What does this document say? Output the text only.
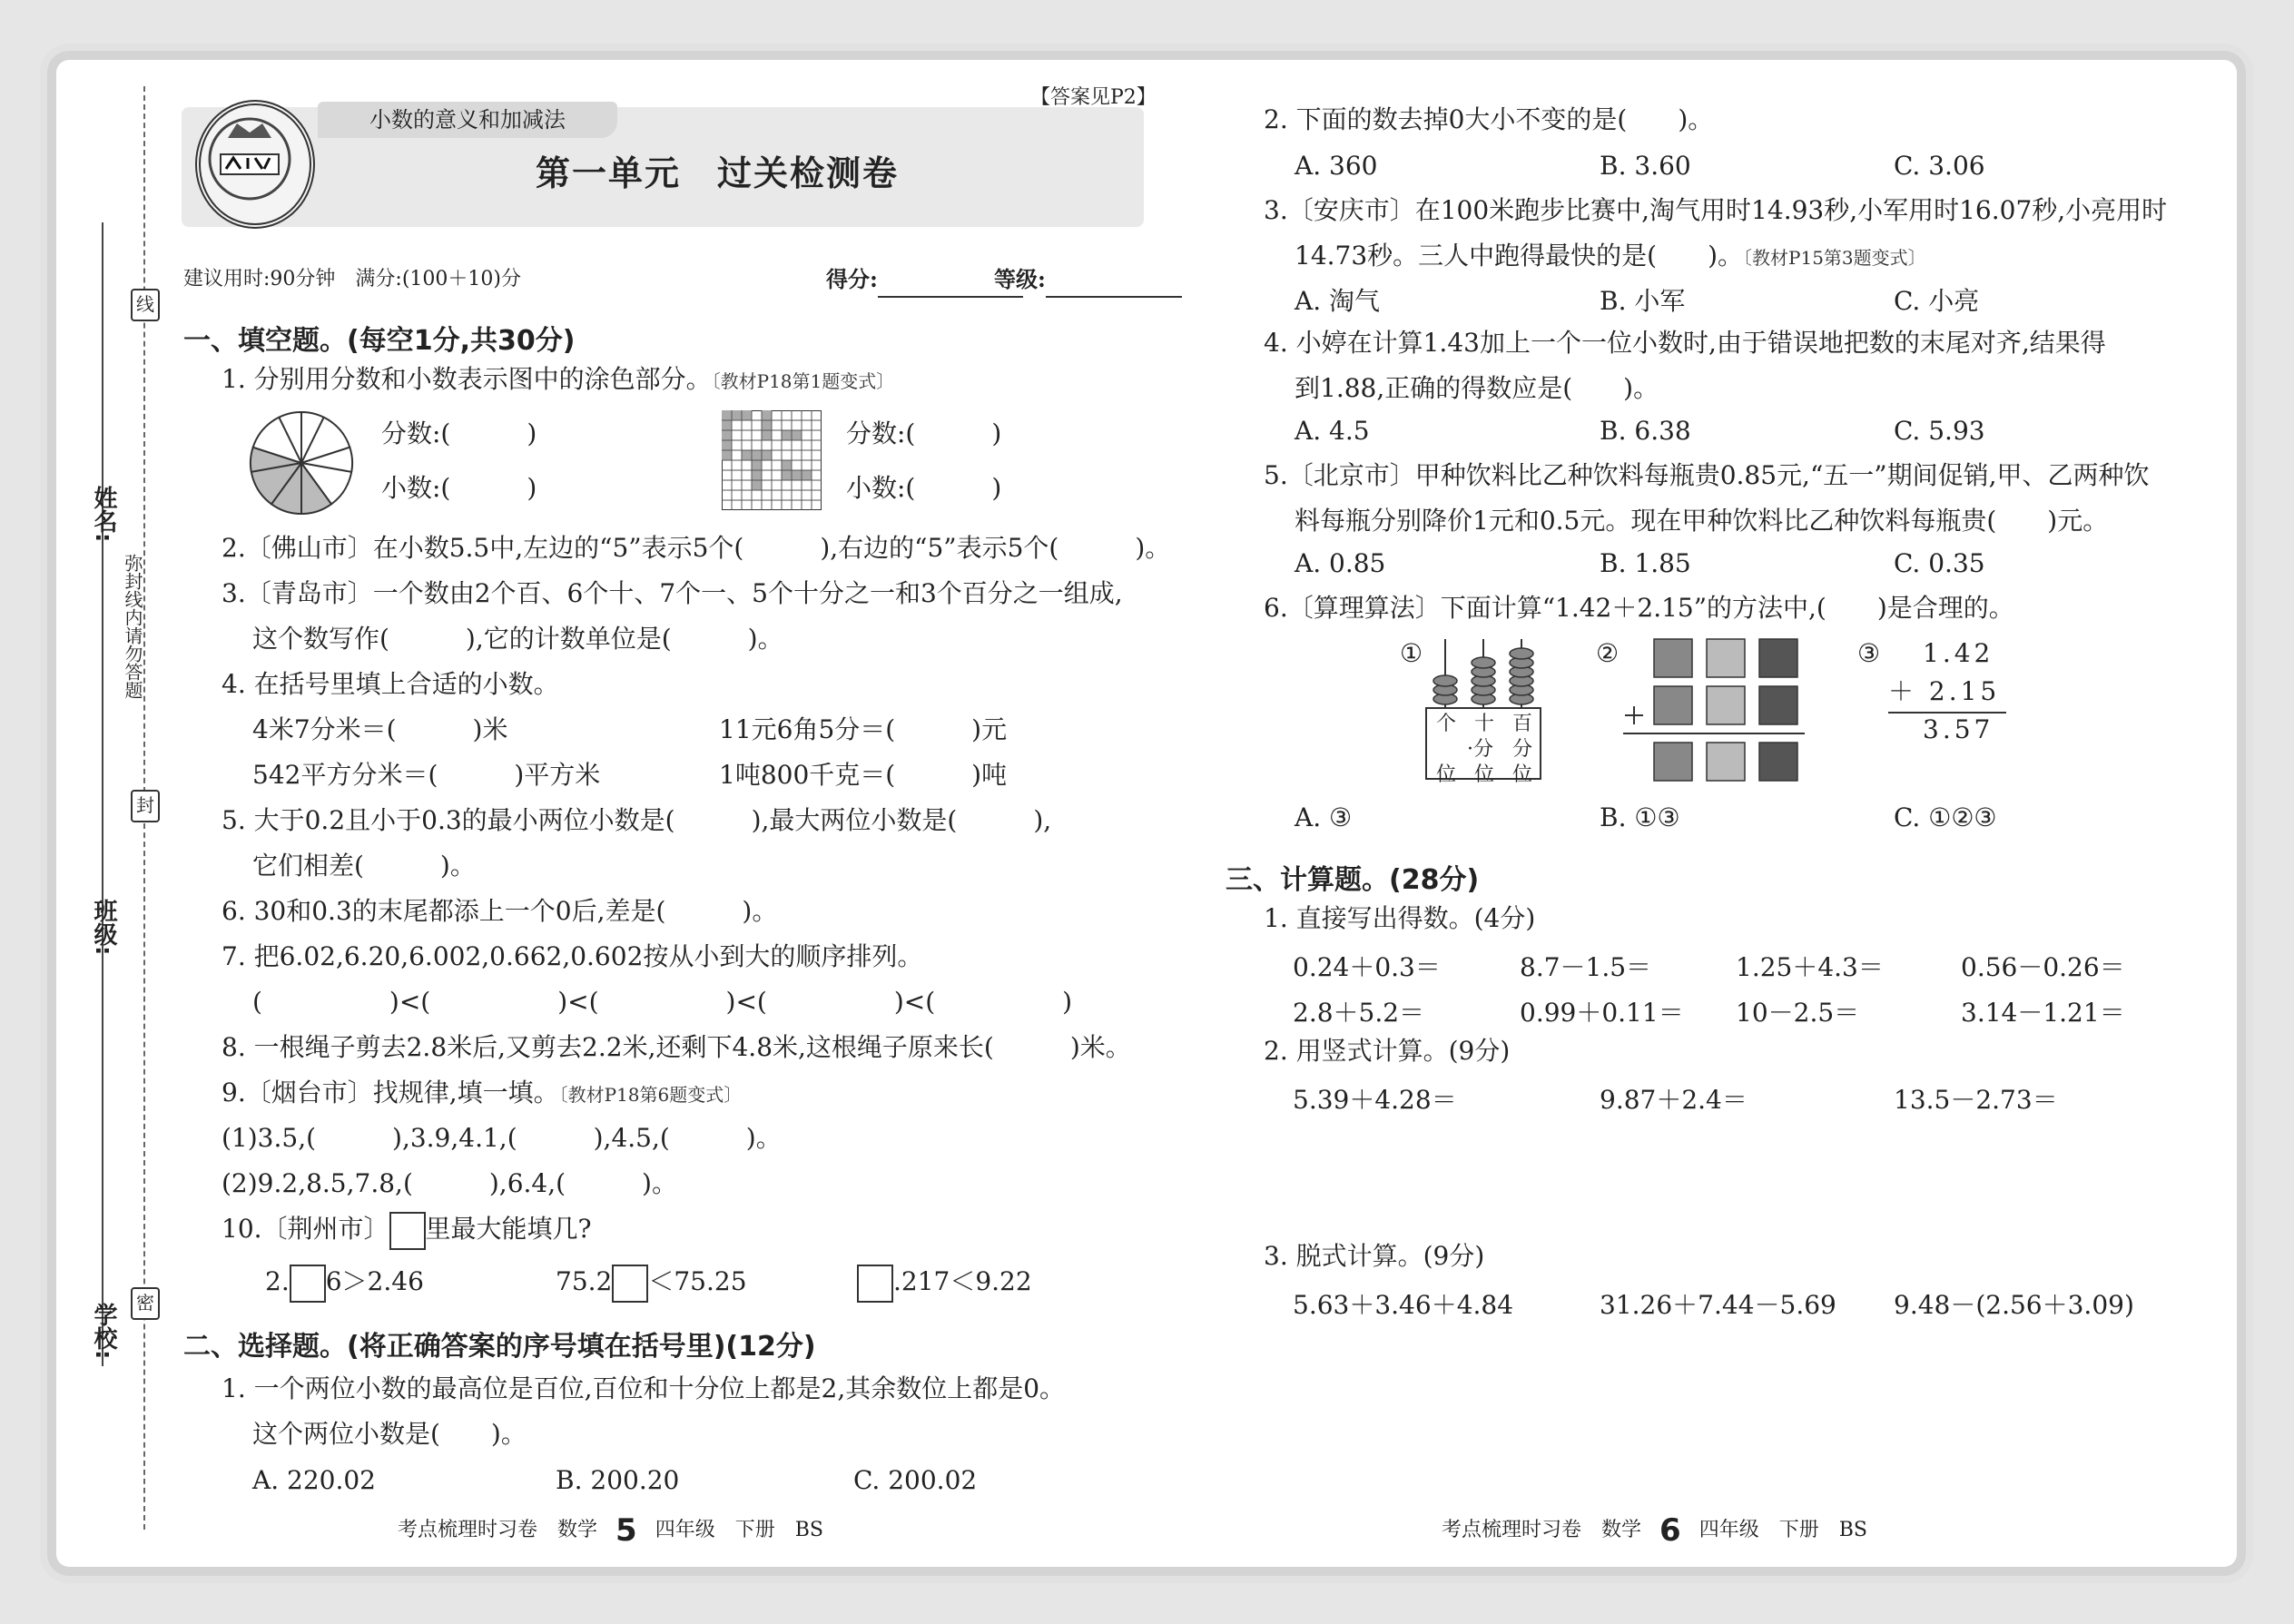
姓名:
班级:
学校:
弥封线内请勿答题
线
封
密
小数的意义和加减法
【答案见P2】
第一单元　过关检测卷
建议用时:90分钟　满分:(100＋10)分	得分:	等级:
一、填空题。(每空1分,共30分)
1. 分别用分数和小数表示图中的涂色部分。〔教材P18第1题变式〕
分数:(　　　)
小数:(　　　)
分数:(　　　)
小数:(　　　)
2.〔佛山市〕在小数5.5中,左边的“5”表示5个(　　　),右边的“5”表示5个(　　　)。
3.〔青岛市〕一个数由2个百、6个十、7个一、5个十分之一和3个百分之一组成,
这个数写作(　　　),它的计数单位是(　　　)。
4. 在括号里填上合适的小数。
4米7分米＝(　　　)米	11元6角5分＝(　　　)元
542平方分米＝(　　　)平方米	1吨800千克＝(　　　)吨
5. 大于0.2且小于0.3的最小两位小数是(　　　),最大两位小数是(　　　),
它们相差(　　　)。
6. 30和0.3的末尾都添上一个0后,差是(　　　)。
7. 把6.02,6.20,6.002,0.662,0.602按从小到大的顺序排列。
(　　　　　)<(　　　　　)<(　　　　　)<(　　　　　)<(　　　　　)
8. 一根绳子剪去2.8米后,又剪去2.2米,还剩下4.8米,这根绳子原来长(　　　)米。
9.〔烟台市〕找规律,填一填。〔教材P18第6题变式〕
(1)3.5,(　　　),3.9,4.1,(　　　),4.5,(　　　)。
(2)9.2,8.5,7.8,(　　　),6.4,(　　　)。
10.〔荆州市〕 里最大能填几?
2. 6＞2.46	75.2 ＜75.25	.217＜9.22
二、选择题。(将正确答案的序号填在括号里)(12分)
1. 一个两位小数的最高位是百位,百位和十分位上都是2,其余数位上都是0。
这个两位小数是(　　)。
A. 220.02	B. 200.20	C. 200.02
2. 下面的数去掉0大小不变的是(　　)。
A. 360	B. 3.60	C. 3.06
3.〔安庆市〕在100米跑步比赛中,淘气用时14.93秒,小军用时16.07秒,小亮用时
14.73秒。三人中跑得最快的是(　　)。〔教材P15第3题变式〕
A. 淘气	B. 小军	C. 小亮
4. 小婷在计算1.43加上一个一位小数时,由于错误地把数的末尾对齐,结果得
到1.88,正确的得数应是(　　)。
A. 4.5	B. 6.38	C. 5.93
5.〔北京市〕甲种饮料比乙种饮料每瓶贵0.85元,“五一”期间促销,甲、乙两种饮
料每瓶分别降价1元和0.5元。现在甲种饮料比乙种饮料每瓶贵(　　)元。
A. 0.85	B. 1.85	C. 0.35
6.〔算理算法〕下面计算“1.42＋2.15”的方法中,(　　)是合理的。
①
个 十 百
·分 分
位 位 位
②	③ 1.42
＋ 2.15
3.57
A. ③	B. ①③	C. ①②③
三、计算题。(28分)
1. 直接写出得数。(4分)
0.24＋0.3＝	8.7－1.5＝	1.25＋4.3＝	0.56－0.26＝
2.8＋5.2＝	0.99＋0.11＝ 10－2.5＝	3.14－1.21＝
2. 用竖式计算。(9分)
5.39＋4.28＝	9.87＋2.4＝	13.5－2.73＝
3. 脱式计算。(9分)
5.63＋3.46＋4.84	31.26＋7.44－5.69 9.48－(2.56＋3.09)
考点梳理时习卷　数学 5 四年级　下册　BS	考点梳理时习卷　数学 6 四年级　下册　BS
